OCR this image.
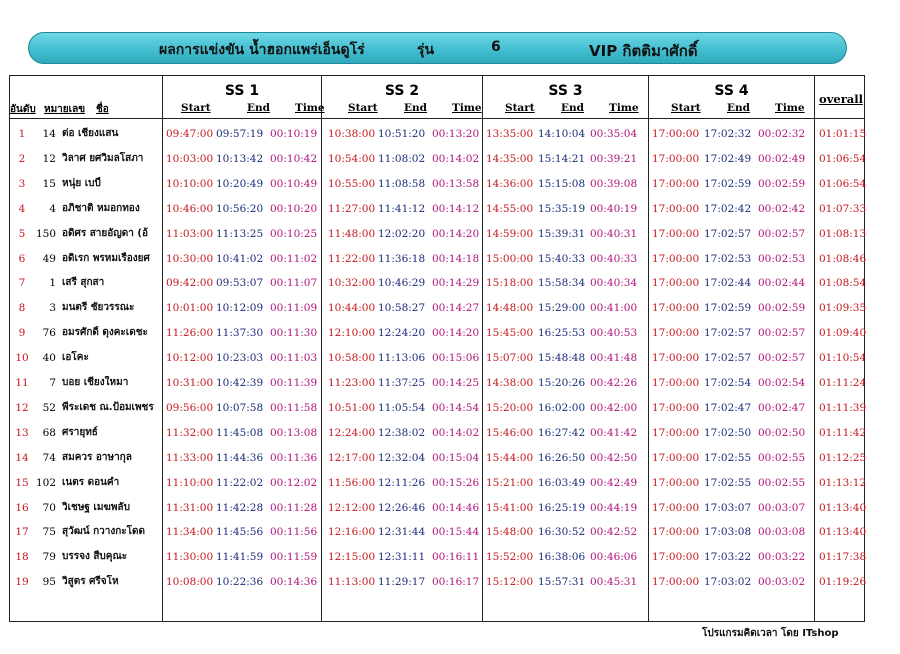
ผลการแข่งขัน น้ำฮอกแพร่เอ็นดูโร่	รุ่น	6	VIP กิตติมาศักดิ์
อันดับ หมายเลข ชื่อ
SS 1
Start	End Time
SS 2
Start	End Time
SS 3
Start	End Time
SS 4
Start	End Time
overall
1	14 ต่อ เชียงแสน	09:47:00 09:57:19 00:10:19 10:38:00 10:51:20 00:13:20 13:35:00 14:10:04 00:35:04 17:00:00 17:02:32 00:02:32 01:01:15
2	12 วิลาศ ยศวิมลโสภา	10:03:00 10:13:42 00:10:42 10:54:00 11:08:02 00:14:02 14:35:00 15:14:21 00:39:21 17:00:00 17:02:49 00:02:49 01:06:54
3	15 หนุ่ย เบบี้	10:10:00 10:20:49 00:10:49 10:55:00 11:08:58 00:13:58 14:36:00 15:15:08 00:39:08 17:00:00 17:02:59 00:02:59 01:06:54
4	4 อภิชาติ หมอกทอง	10:46:00 10:56:20 00:10:20 11:27:00 11:41:12 00:14:12 14:55:00 15:35:19 00:40:19 17:00:00 17:02:42 00:02:42 01:07:33
5	150 อดิศร สายอัญดา (อ้	11:03:00 11:13:25 00:10:25 11:48:00 12:02:20 00:14:20 14:59:00 15:39:31 00:40:31 17:00:00 17:02:57 00:02:57 01:08:13
6	49 อดิเรก พรหมเรืองยศ	10:30:00 10:41:02 00:11:02 11:22:00 11:36:18 00:14:18 15:00:00 15:40:33 00:40:33 17:00:00 17:02:53 00:02:53 01:08:46
7	1 เสรี สุกสา	09:42:00 09:53:07 00:11:07 10:32:00 10:46:29 00:14:29 15:18:00 15:58:34 00:40:34 17:00:00 17:02:44 00:02:44 01:08:54
8	3 มนตรี ชัยวรรณะ	10:01:00 10:12:09 00:11:09 10:44:00 10:58:27 00:14:27 14:48:00 15:29:00 00:41:00 17:00:00 17:02:59 00:02:59 01:09:35
9	76 อมรศักดิ์ ดุงคะเดชะ	11:26:00 11:37:30 00:11:30 12:10:00 12:24:20 00:14:20 15:45:00 16:25:53 00:40:53 17:00:00 17:02:57 00:02:57 01:09:40
10	40 เอโคะ	10:12:00 10:23:03 00:11:03 10:58:00 11:13:06 00:15:06 15:07:00 15:48:48 00:41:48 17:00:00 17:02:57 00:02:57 01:10:54
11	7 บอย เชียงใหมา	10:31:00 10:42:39 00:11:39 11:23:00 11:37:25 00:14:25 14:38:00 15:20:26 00:42:26 17:00:00 17:02:54 00:02:54 01:11:24
12	52 พีระเดช ณ.ป้อมเพชร	09:56:00 10:07:58 00:11:58 10:51:00 11:05:54 00:14:54 15:20:00 16:02:00 00:42:00 17:00:00 17:02:47 00:02:47 01:11:39
13	68 ศรายุทธ์	11:32:00 11:45:08 00:13:08 12:24:00 12:38:02 00:14:02 15:46:00 16:27:42 00:41:42 17:00:00 17:02:50 00:02:50 01:11:42
14	74 สมควร อาษากุล	11:33:00 11:44:36 00:11:36 12:17:00 12:32:04 00:15:04 15:44:00 16:26:50 00:42:50 17:00:00 17:02:55 00:02:55 01:12:25
15 102 เนตร ดอนคำ	11:10:00 11:22:02 00:12:02 11:56:00 12:11:26 00:15:26 15:21:00 16:03:49 00:42:49 17:00:00 17:02:55 00:02:55 01:13:12
16	70 วิเชษฐ เมฆพลับ	11:31:00 11:42:28 00:11:28 12:12:00 12:26:46 00:14:46 15:41:00 16:25:19 00:44:19 17:00:00 17:03:07 00:03:07 01:13:40
17	75 สุวัฒน์ กวางกะโดด	11:34:00 11:45:56 00:11:56 12:16:00 12:31:44 00:15:44 15:48:00 16:30:52 00:42:52 17:00:00 17:03:08 00:03:08 01:13:40
18	79 บรรจง สืบคุณะ	11:30:00 11:41:59 00:11:59 12:15:00 12:31:11 00:16:11 15:52:00 16:38:06 00:46:06 17:00:00 17:03:22 00:03:22 01:17:38
19	95 วิสูตร ศรีจโห	10:08:00 10:22:36 00:14:36 11:13:00 11:29:17 00:16:17 15:12:00 15:57:31 00:45:31 17:00:00 17:03:02 00:03:02 01:19:26
โปรแกรมคิดเวลา โดย ITshop
